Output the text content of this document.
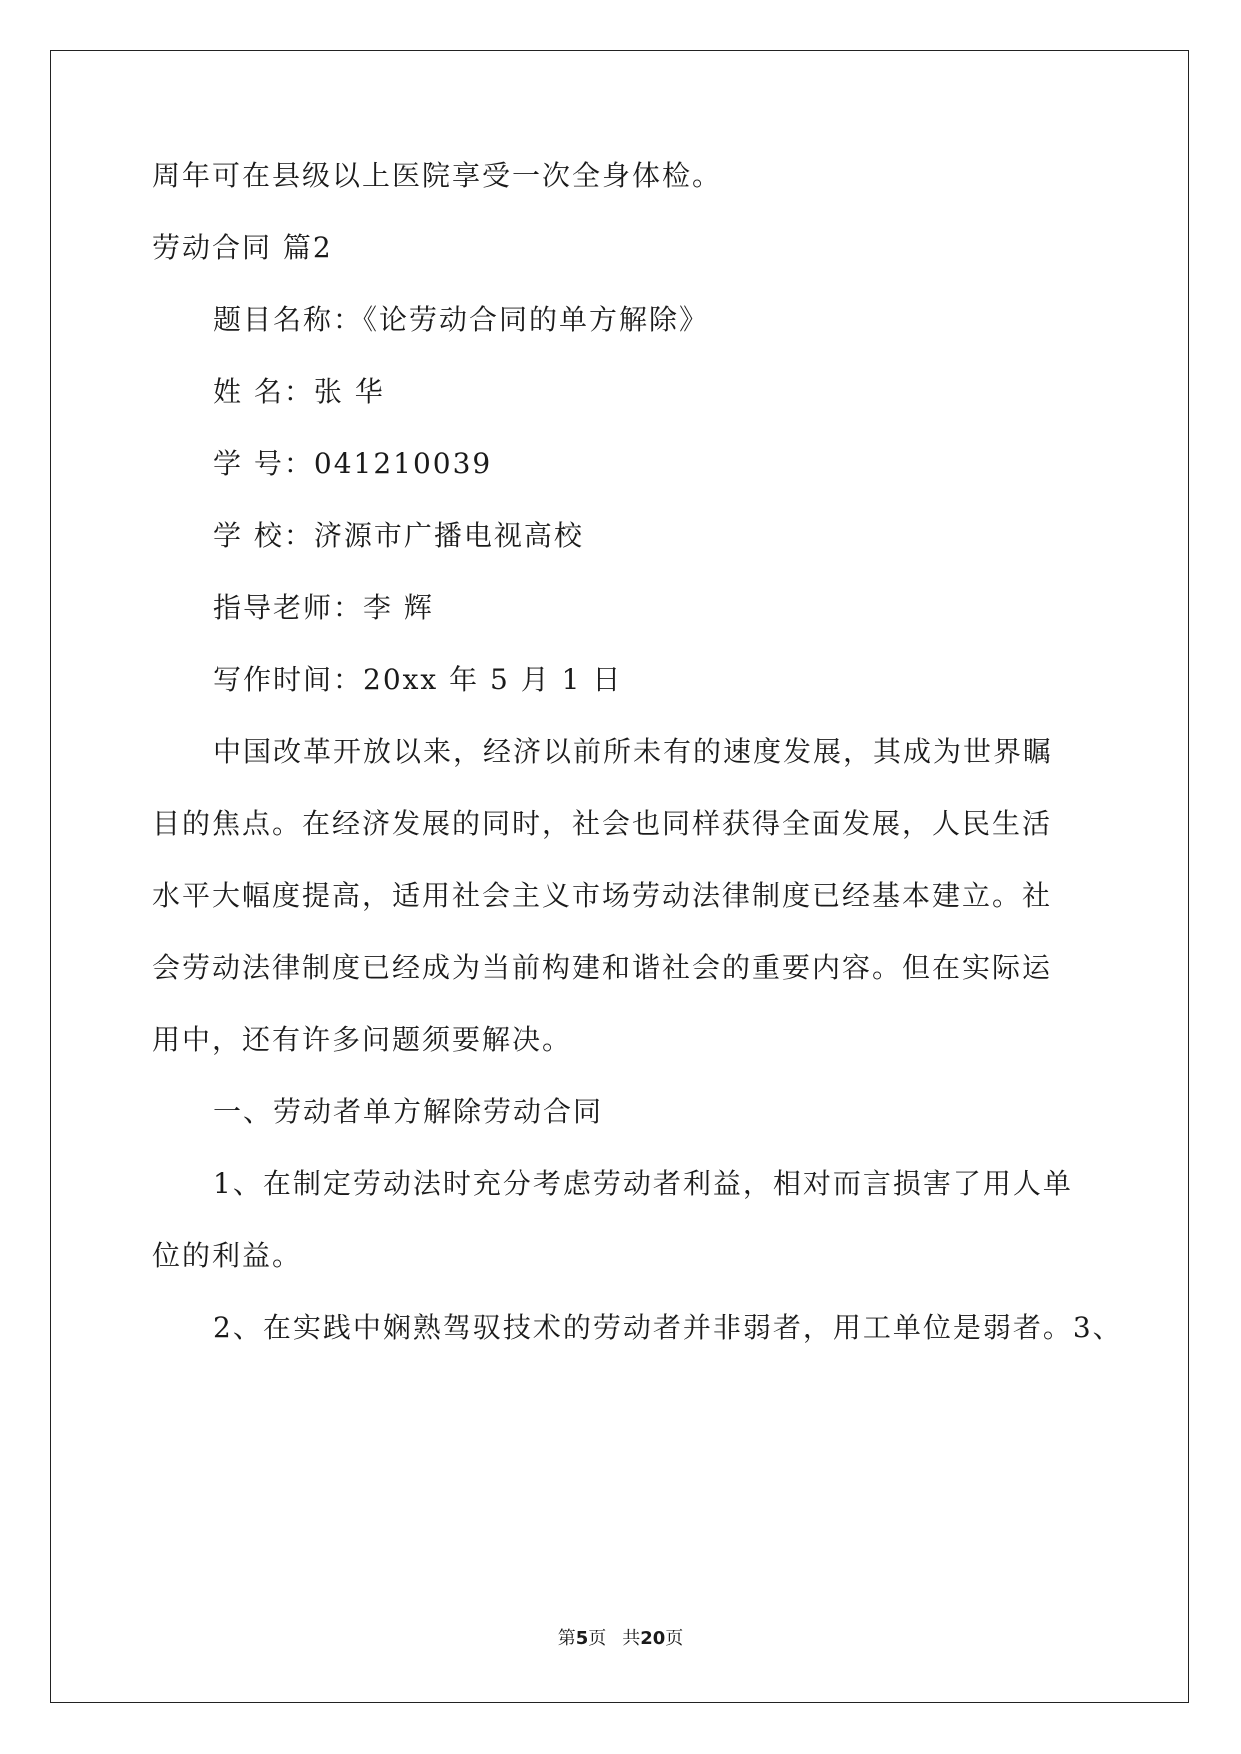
周年可在县级以上医院享受一次全身体检。
劳动合同 篇2
题目名称：《论劳动合同的单方解除》
姓 名：张 华
学 号：041210039
学 校：济源市广播电视高校
指导老师：李 辉
写作时间：20xx 年 5 月 1 日
中国改革开放以来，经济以前所未有的速度发展，其成为世界瞩
目的焦点。在经济发展的同时，社会也同样获得全面发展，人民生活
水平大幅度提高，适用社会主义市场劳动法律制度已经基本建立。社
会劳动法律制度已经成为当前构建和谐社会的重要内容。但在实际运
用中，还有许多问题须要解决。
一、劳动者单方解除劳动合同
1、在制定劳动法时充分考虑劳动者利益，相对而言损害了用人单
位的利益。
2、在实践中娴熟驾驭技术的劳动者并非弱者，用工单位是弱者。3、
第5页 共20页
